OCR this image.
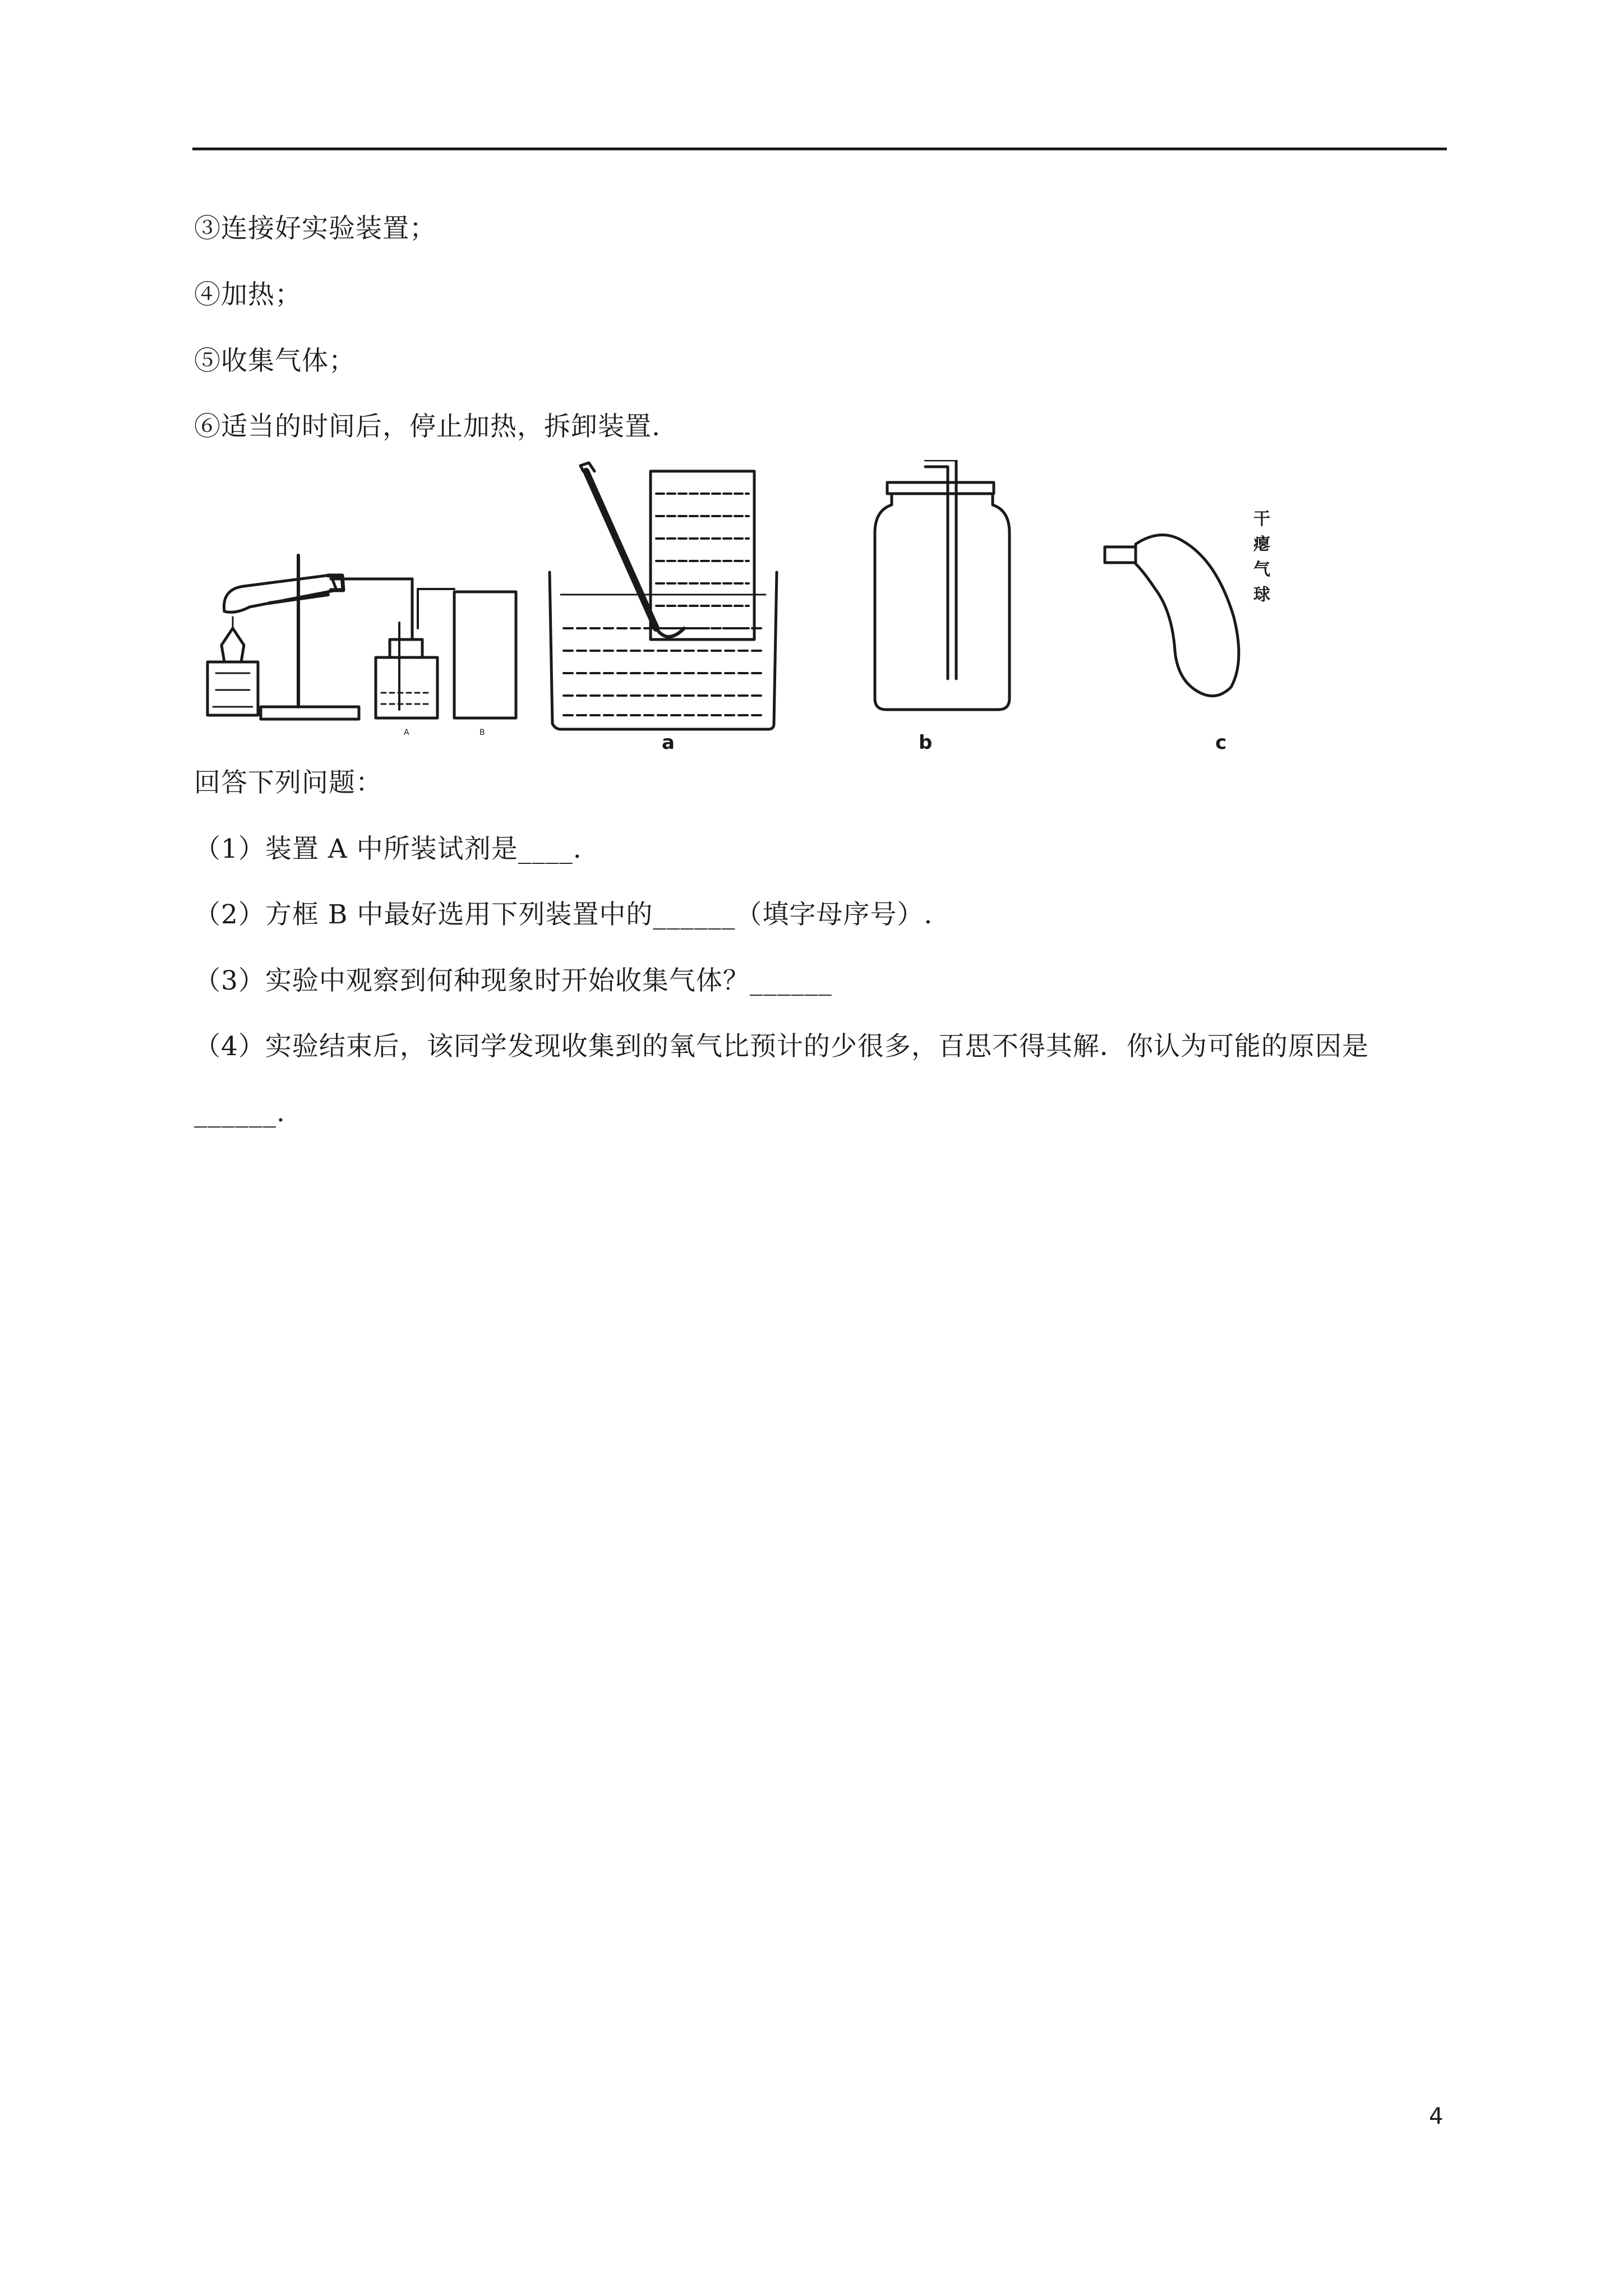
③连接好实验装置；
④加热；
⑤收集气体；
⑥适当的时间后，停止加热，拆卸装置.
A	B	a	b	c
干
瘪
气
球
回答下列问题：
（1）装置 A 中所装试剂是____.
（2）方框 B 中最好选用下列装置中的______（填字母序号）.
（3）实验中观察到何种现象时开始收集气体？______
（4）实验结束后，该同学发现收集到的氧气比预计的少很多，百思不得其解．你认为可能的原因是
______.
4
